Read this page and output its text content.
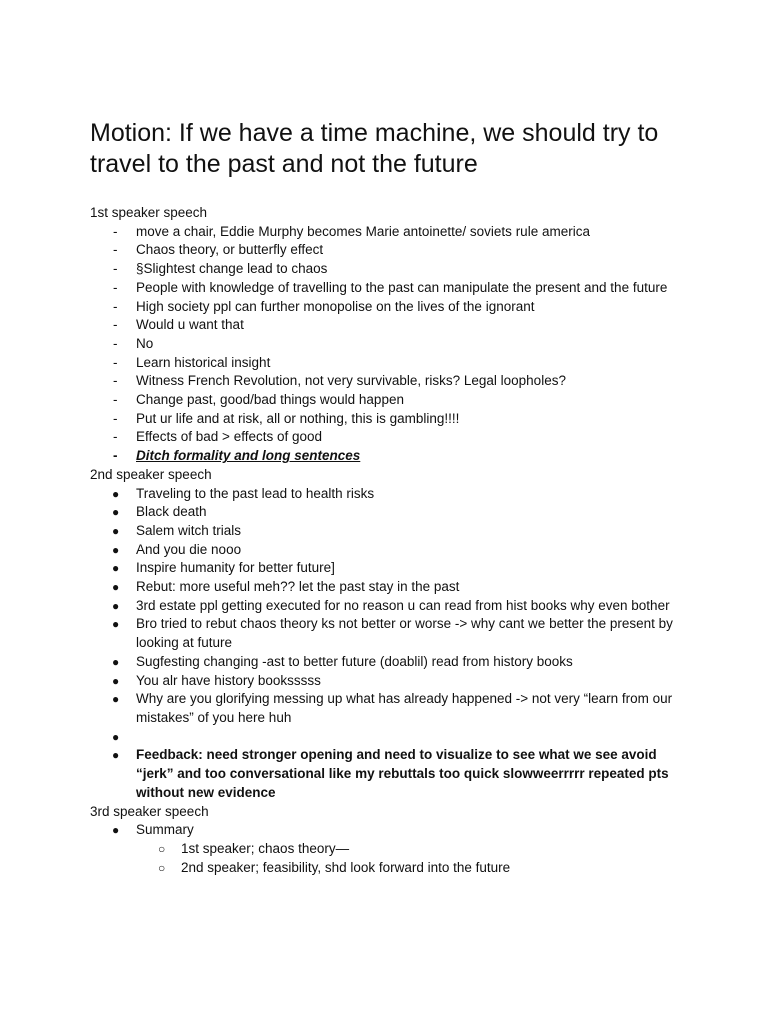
Motion: If we have a time machine, we should try to travel to the past and not the future

1st speaker speech

-	move a chair, Eddie Murphy becomes Marie antoinette/ soviets rule america
-	Chaos theory, or butterfly effect
-	§Slightest change lead to chaos
-	People with knowledge of travelling to the past can manipulate the present and the future
-	High society ppl can further monopolise on the lives of the ignorant
-	Would u want that
-	No
-	Learn historical insight
-	Witness French Revolution, not very survivable, risks? Legal loopholes?
-	Change past, good/bad things would happen
-	Put ur life and at risk, all or nothing, this is gambling!!!!
-	Effects of bad > effects of good
-	Ditch formality and long sentences

2nd speaker speech

●	Traveling to the past lead to health risks
●	Black death
●	Salem witch trials
●	And you die nooo
●	Inspire humanity for better future]
●	Rebut: more useful meh?? let the past stay in the past
●	3rd estate ppl getting executed for no reason u can read from hist books why even bother
●	Bro tried to rebut chaos theory ks not better or worse -> why cant we better the present by looking at future
●	Sugfesting changing -ast to better future (doablil) read from history books
●	You alr have history booksssss
●	Why are you glorifying messing up what has already happened -> not very “learn from our mistakes” of you here huh
●

●	Feedback: need stronger opening and need to visualize to see what we see avoid “jerk” and too conversational like my rebuttals too quick slowweerrrrr repeated pts without new evidence

3rd speaker speech

●	Summary
○	1st speaker; chaos theory—
○	2nd speaker; feasibility, shd look forward into the future
